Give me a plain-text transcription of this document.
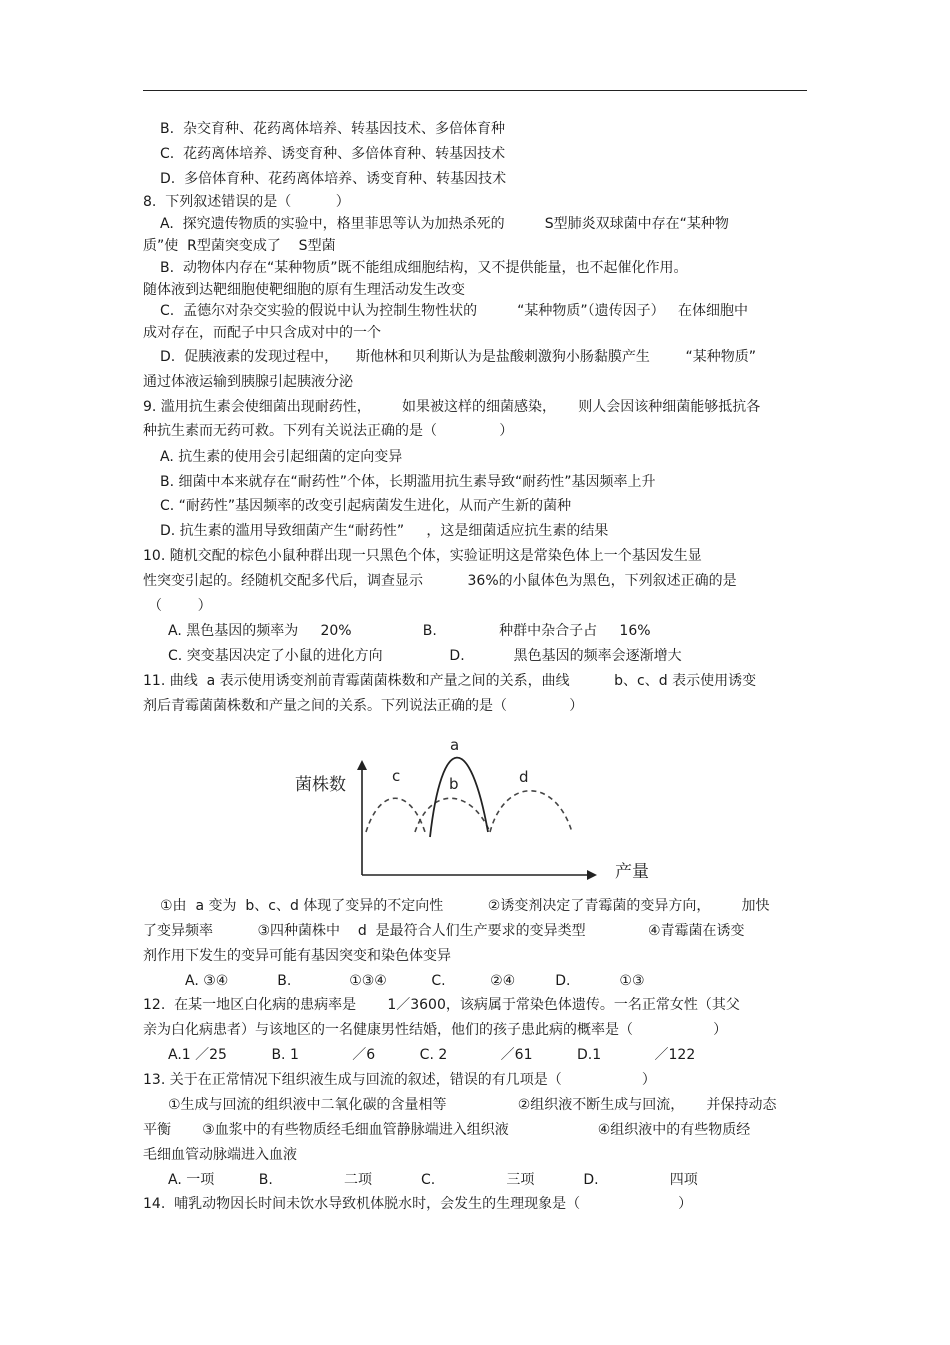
B.  杂交育种、花药离体培养、转基因技术、多倍体育种
C.  花药离体培养、诱变育种、多倍体育种、转基因技术
D.  多倍体育种、花药离体培养、诱变育种、转基因技术
8.  下列叙述错误的是（          ）
A.  探究遗传物质的实验中，格里菲思等认为加热杀死的         S型肺炎双球菌中存在“某种物
质”使  R型菌突变成了    S型菌
B.  动物体内存在“某种物质”既不能组成细胞结构，又不提供能量，也不起催化作用。
随体液到达靶细胞使靶细胞的原有生理活动发生改变
C.  孟德尔对杂交实验的假说中认为控制生物性状的         “某种物质”（遗传因子）   在体细胞中
成对存在，而配子中只含成对中的一个
D.  促胰液素的发现过程中，    斯他林和贝利斯认为是盐酸刺激狗小肠黏膜产生        “某种物质”
通过体液运输到胰腺引起胰液分泌
9. 滥用抗生素会使细菌出现耐药性，       如果被这样的细菌感染，     则人会因该种细菌能够抵抗各
种抗生素而无药可救。下列有关说法正确的是（              ）
A. 抗生素的使用会引起细菌的定向变异
B. 细菌中本来就存在“耐药性”个体，长期滥用抗生素导致“耐药性”基因频率上升
C. “耐药性”基因频率的改变引起病菌发生进化，从而产生新的菌种
D. 抗生素的滥用导致细菌产生“耐药性”     ，这是细菌适应抗生素的结果
10. 随机交配的棕色小鼠种群出现一只黑色个体，实验证明这是常染色体上一个基因发生显
性突变引起的。经随机交配多代后，调查显示          36%的小鼠体色为黑色，下列叙述正确的是
（        ）
A. 黑色基因的频率为     20%                B.              种群中杂合子占     16%
C. 突变基因决定了小鼠的进化方向               D.           黑色基因的频率会逐渐增大
11. 曲线  a 表示使用诱变剂前青霉菌菌株数和产量之间的关系，曲线          b、c、d 表示使用诱变
剂后青霉菌菌株数和产量之间的关系。下列说法正确的是（              ）
菌株数
产量
a
b
c	d
①由  a 变为  b、c、d 体现了变异的不定向性          ②诱变剂决定了青霉菌的变异方向，       加快
了变异频率          ③四种菌株中    d  是最符合人们生产要求的变异类型              ④青霉菌在诱变
剂作用下发生的变异可能有基因突变和染色体变异
A. ③④           B.             ①③④          C.          ②④         D.           ①③
12.  在某一地区白化病的患病率是       1／3600，该病属于常染色体遗传。一名正常女性（其父
亲为白化病患者）与该地区的一名健康男性结婚，他们的孩子患此病的概率是（                  ）
A.1 ／25          B. 1            ／6          C. 2            ／61          D.1            ／122
13. 关于在正常情况下组织液生成与回流的叙述，错误的有几项是（                  ）
①生成与回流的组织液中二氧化碳的含量相等                ②组织液不断生成与回流，     并保持动态
平衡       ③血浆中的有些物质经毛细血管静脉端进入组织液                    ④组织液中的有些物质经
毛细血管动脉端进入血液
A. 一项          B.                二项           C.                三项           D.                四项
14.  哺乳动物因长时间未饮水导致机体脱水时，会发生的生理现象是（                      ）
